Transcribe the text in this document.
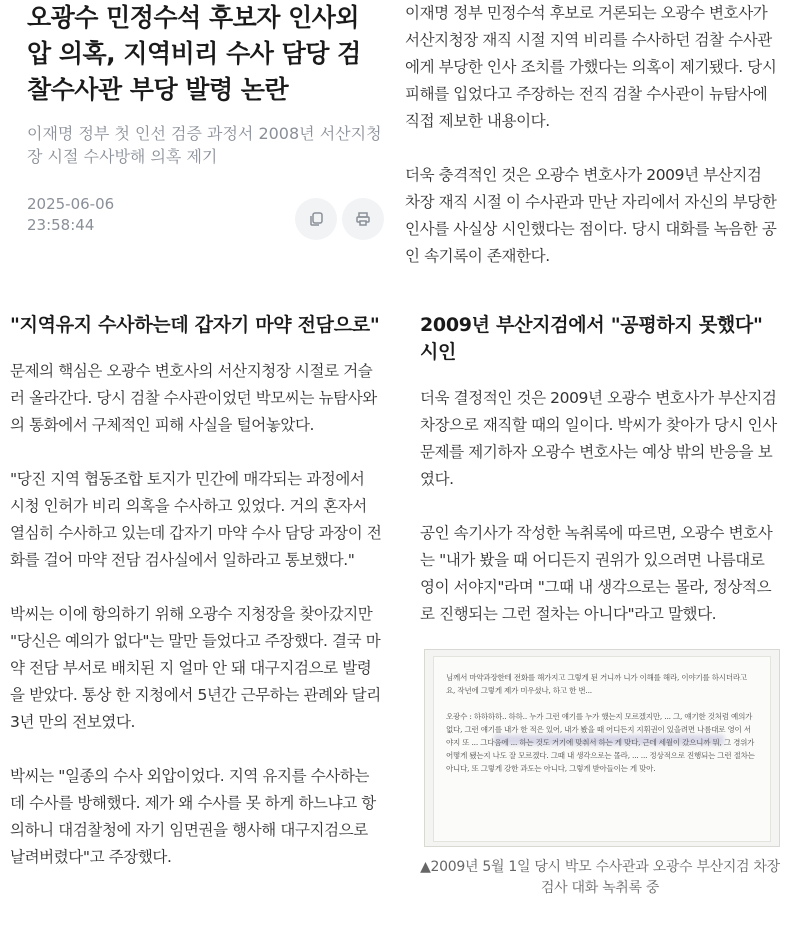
오광수 민정수석 후보자 인사외압 의혹, 지역비리 수사 담당 검찰수사관 부당 발령 논란
이재명 정부 첫 인선 검증 과정서 2008년 서산지청장 시절 수사방해 의혹 제기
2025-06-06
23:58:44

이재명 정부 민정수석 후보로 거론되는 오광수 변호사가 서산지청장 재직 시절 지역 비리를 수사하던 검찰 수사관에게 부당한 인사 조치를 가했다는 의혹이 제기됐다. 당시 피해를 입었다고 주장하는 전직 검찰 수사관이 뉴탐사에 직접 제보한 내용이다.

더욱 충격적인 것은 오광수 변호사가 2009년 부산지검 차장 재직 시절 이 수사관과 만난 자리에서 자신의 부당한 인사를 사실상 시인했다는 점이다. 당시 대화를 녹음한 공인 속기록이 존재한다.

"지역유지 수사하는데 갑자기 마약 전담으로"

문제의 핵심은 오광수 변호사의 서산지청장 시절로 거슬러 올라간다. 당시 검찰 수사관이었던 박모씨는 뉴탐사와의 통화에서 구체적인 피해 사실을 털어놓았다.

"당진 지역 협동조합 토지가 민간에 매각되는 과정에서 시청 인허가 비리 의혹을 수사하고 있었다. 거의 혼자서 열심히 수사하고 있는데 갑자기 마약 수사 담당 과장이 전화를 걸어 마약 전담 검사실에서 일하라고 통보했다."

박씨는 이에 항의하기 위해 오광수 지청장을 찾아갔지만 "당신은 예의가 없다"는 말만 들었다고 주장했다. 결국 마약 전담 부서로 배치된 지 얼마 안 돼 대구지검으로 발령을 받았다. 통상 한 지청에서 5년간 근무하는 관례와 달리 3년 만의 전보였다.

박씨는 "일종의 수사 외압이었다. 지역 유지를 수사하는데 수사를 방해했다. 제가 왜 수사를 못 하게 하느냐고 항의하니 대검찰청에 자기 임면권을 행사해 대구지검으로 날려버렸다"고 주장했다.

2009년 부산지검에서 "공평하지 못했다" 시인

더욱 결정적인 것은 2009년 오광수 변호사가 부산지검 차장으로 재직할 때의 일이다. 박씨가 찾아가 당시 인사 문제를 제기하자 오광수 변호사는 예상 밖의 반응을 보였다.

공인 속기사가 작성한 녹취록에 따르면, 오광수 변호사는 "내가 봤을 때 어디든지 권위가 있으려면 나름대로 영이 서야지"라며 "그때 내 생각으로는 몰라, 정상적으로 진행되는 그런 절차는 아니다"라고 말했다.

님께서 마약과장한테 전화를 해가지고 그렇게 된 거니까 니가 이해를 해라, 이야기를 하시더라고요, 작년에 그렇게 제가 미우셨나, 하고 한 번...

오광수 : 하하하하.. 하하.. 누가 그런 얘기를 누가 했는지 모르겠지만, ... 그, 얘기한 것처럼 예의가 없다, 그런 얘기를 내가 한 적은 있어, 내가 봤을 때 어디든지 지휘권이 있을려면 나름대로 영이 서야지 또 ... 그다음에 ... 하는 것도 거기에 맞춰서 하는 게 맞다, 근데 세월이 갔으니까 뭐, 그 경위가 어떻게 됐는지 나도 잘 모르겠다. 그때 내 생각으로는 몰라, ... ... 정상적으로 진행되는 그런 절차는 아니다, 또 그렇게 강한 과도는 아니다, 그렇게 받아들이는 게 맞아.
▲2009년 5월 1일 당시 박모 수사관과 오광수 부산지검 차장검사 대화 녹취록 중
